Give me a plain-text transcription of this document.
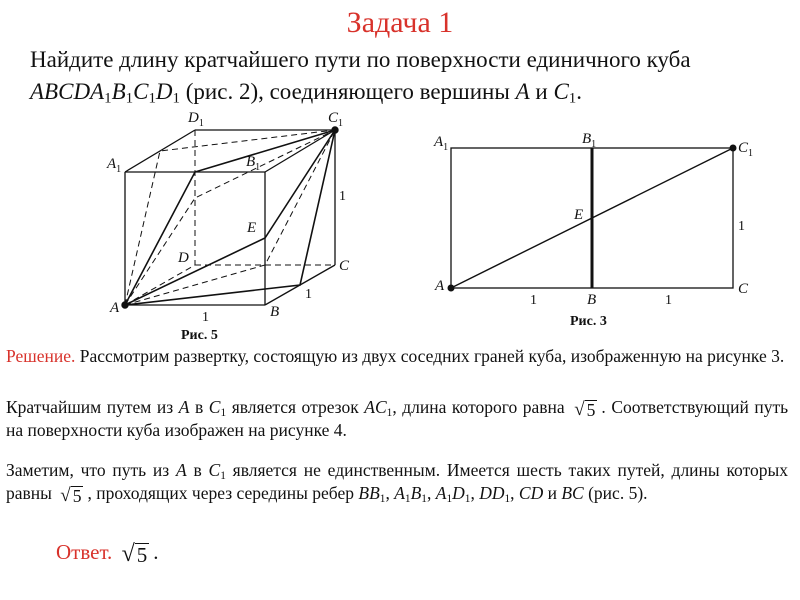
Задача 1

Найдите длину кратчайшего пути по поверхности единичного куба
$ABCDA_1B_1C_1D_1$ (рис. 2), соединяющего вершины A и $C_1$.

$A_1$
$D_1$
$B_1$
$C_1$
A	B
C
D
E
1
1
1
Рис. 5
$A_1$
$B_1$	$C_1$
E
A
B
C
1
1	1
Рис. 3

Решение. Рассмотрим развертку, состоящую из двух соседних граней куба, изображенную на рисунке 3.

Кратчайшим путем из A в $C_1$ является отрезок $AC_1$, длина которого равна √ 5 . Соответствующий путь на поверхности куба изображен на рисунке 4.

Заметим, что путь из A в $C_1$ является не единственным. Имеется шесть таких путей, длины которых равны √ 5 , проходящих через середины ребер $BB_1$, $A_1B_1$, $A_1D_1$, $DD_1$, CD и BC (рис. 5).

Ответ. √ 5 .
